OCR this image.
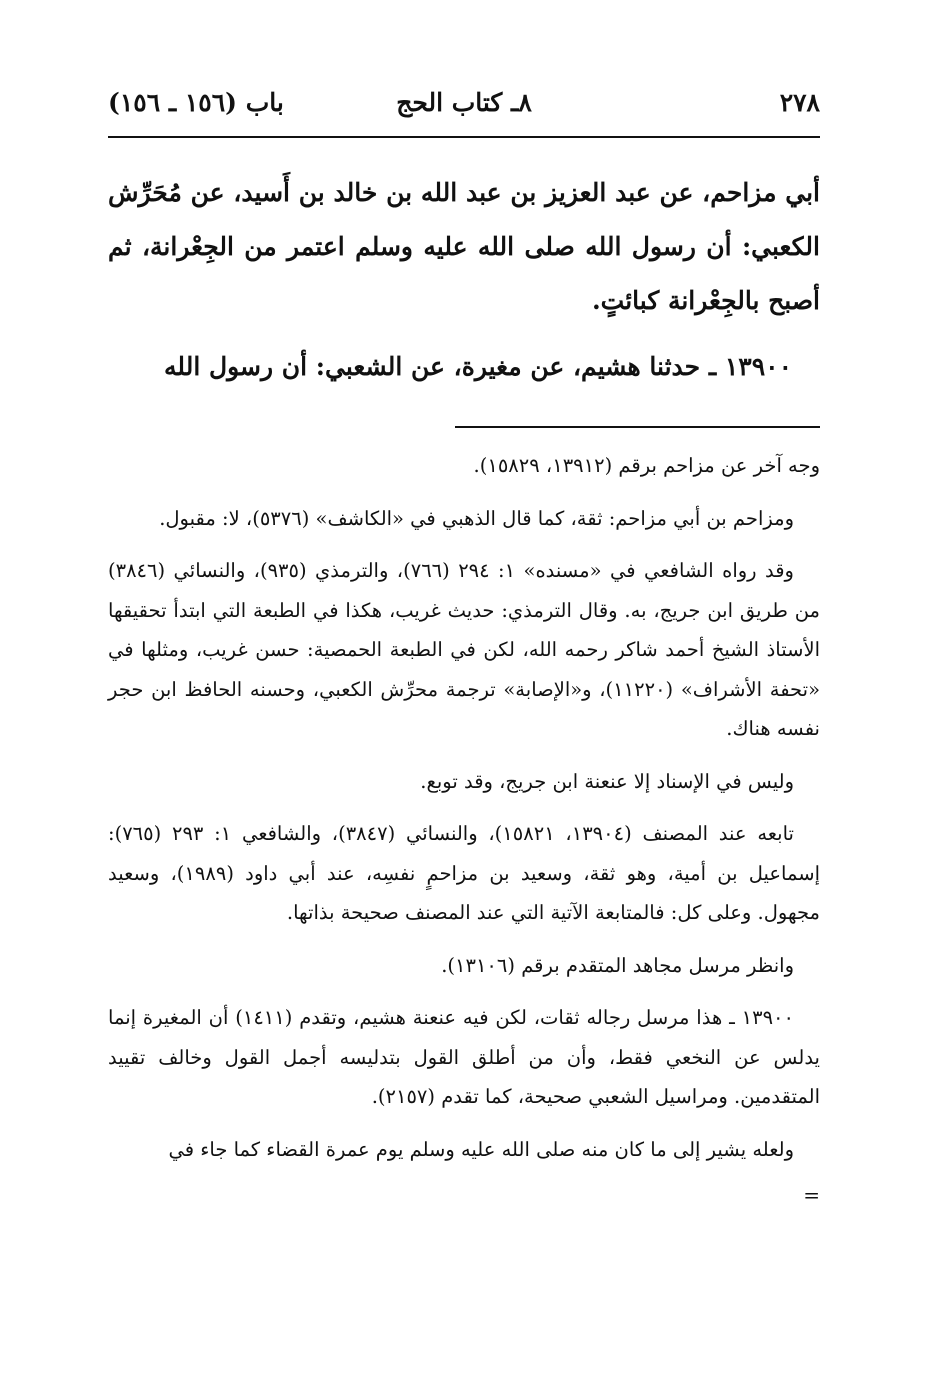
٢٧٨
٨ـ كتاب الحج
باب (١٥٦ ـ ١٥٦)

أبي مزاحم، عن عبد العزيز بن عبد الله بن خالد بن أَسيد، عن مُحَرِّش الكعبي: أن رسول الله صلى الله عليه وسلم اعتمر من الجِعْرانة، ثم أصبح بالجِعْرانة كبائتٍ.

١٣٩٠٠ ـ حدثنا هشيم، عن مغيرة، عن الشعبي: أن رسول الله

وجه آخر عن مزاحم برقم (١٣٩١٢، ١٥٨٢٩).

ومزاحم بن أبي مزاحم: ثقة، كما قال الذهبي في «الكاشف» (٥٣٧٦)، لا: مقبول.

وقد رواه الشافعي في «مسنده» ١: ٢٩٤ (٧٦٦)، والترمذي (٩٣٥)، والنسائي (٣٨٤٦) من طريق ابن جريج، به. وقال الترمذي: حديث غريب، هكذا في الطبعة التي ابتدأ تحقيقها الأستاذ الشيخ أحمد شاكر رحمه الله، لكن في الطبعة الحمصية: حسن غريب، ومثلها في «تحفة الأشراف» (١١٢٢٠)، و«الإصابة» ترجمة محرِّش الكعبي، وحسنه الحافظ ابن حجر نفسه هناك.

وليس في الإسناد إلا عنعنة ابن جريج، وقد توبع.

تابعه عند المصنف (١٣٩٠٤، ١٥٨٢١)، والنسائي (٣٨٤٧)، والشافعي ١: ٢٩٣ (٧٦٥): إسماعيل بن أمية، وهو ثقة، وسعيد بن مزاحمٍ نفسِه، عند أبي داود (١٩٨٩)، وسعيد مجهول. وعلى كل: فالمتابعة الآتية التي عند المصنف صحيحة بذاتها.

وانظر مرسل مجاهد المتقدم برقم (١٣١٠٦).

١٣٩٠٠ ـ هذا مرسل رجاله ثقات، لكن فيه عنعنة هشيم، وتقدم (١٤١١) أن المغيرة إنما يدلس عن النخعي فقط، وأن من أطلق القول بتدليسه أجمل القول وخالف تقييد المتقدمين. ومراسيل الشعبي صحيحة، كما تقدم (٢١٥٧).

ولعله يشير إلى ما كان منه صلى الله عليه وسلم يوم عمرة القضاء كما جاء في

=
